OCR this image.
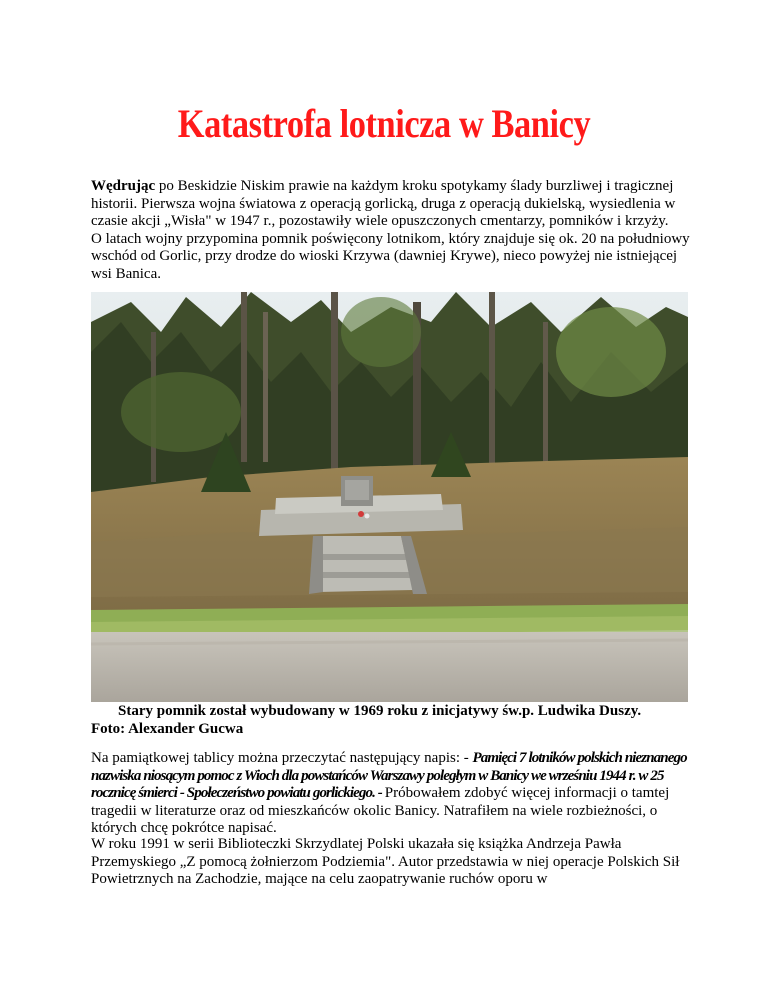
Katastrofa lotnicza w Banicy
Wędrując po Beskidzie Niskim prawie na każdym kroku spotykamy ślady burzliwej i tragicznej historii. Pierwsza wojna światowa z operacją gorlicką, druga z operacją dukielską, wysiedlenia w czasie akcji „Wisła" w 1947 r., pozostawiły wiele opuszczonych cmentarzy, pomników i krzyży.
O latach wojny przypomina pomnik poświęcony lotnikom, który znajduje się ok. 20 na południowy wschód od Gorlic, przy drodze do wioski Krzywa (dawniej Krywe), nieco powyżej nie istniejącej wsi Banica.
Stary pomnik został wybudowany w 1969 roku z inicjatywy św.p. Ludwika Duszy.
Foto: Alexander Gucwa
Na pamiątkowej tablicy można przeczytać następujący napis: - Pamięci 7 lotników polskich nieznanego nazwiska niosącym pomoc z Wioch dla powstańców Warszawy poległym w Banicy we wrześniu 1944 r. w 25 rocznicę śmierci - Społeczeństwo powiatu gorlickiego. - Próbowałem zdobyć więcej informacji o tamtej tragedii w literaturze oraz od mieszkańców okolic Banicy. Natrafiłem na wiele rozbieżności, o których chcę pokrótce napisać.
W roku 1991 w serii Biblioteczki Skrzydlatej Polski ukazała się książka Andrzeja Pawła Przemyskiego „Z pomocą żołnierzom Podziemia". Autor przedstawia w niej operacje Polskich Sił Powietrznych na Zachodzie, mające na celu zaopatrywanie ruchów oporu w
